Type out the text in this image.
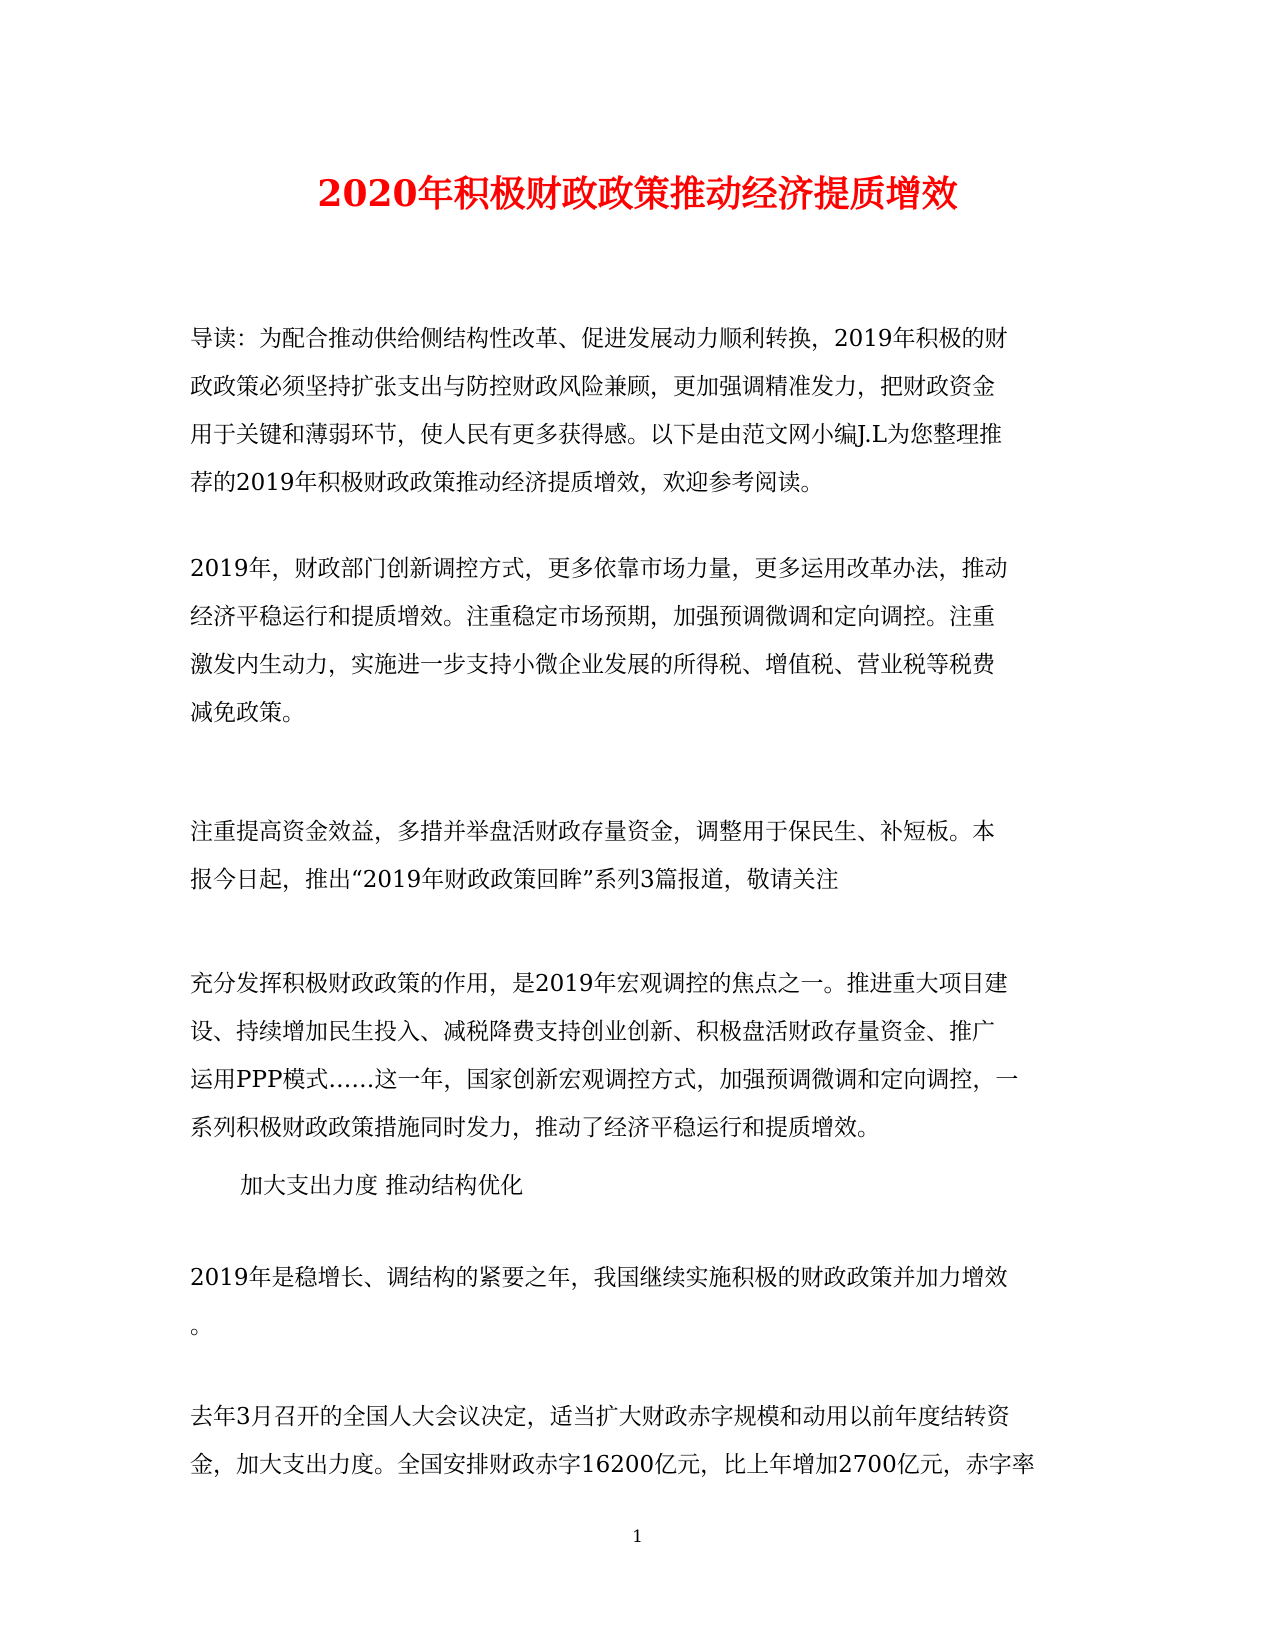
2020年积极财政政策推动经济提质增效
导读：为配合推动供给侧结构性改革、促进发展动力顺利转换，2019年积极的财
政政策必须坚持扩张支出与防控财政风险兼顾，更加强调精准发力，把财政资金
用于关键和薄弱环节，使人民有更多获得感。以下是由范文网小编J.L为您整理推
荐的2019年积极财政政策推动经济提质增效，欢迎参考阅读。
2019年，财政部门创新调控方式，更多依靠市场力量，更多运用改革办法，推动
经济平稳运行和提质增效。注重稳定市场预期，加强预调微调和定向调控。注重
激发内生动力，实施进一步支持小微企业发展的所得税、增值税、营业税等税费
减免政策。
注重提高资金效益，多措并举盘活财政存量资金，调整用于保民生、补短板。本
报今日起，推出“2019年财政政策回眸”系列3篇报道，敬请关注
充分发挥积极财政政策的作用，是2019年宏观调控的焦点之一。推进重大项目建
设、持续增加民生投入、减税降费支持创业创新、积极盘活财政存量资金、推广
运用PPP模式……这一年，国家创新宏观调控方式，加强预调微调和定向调控，一
系列积极财政政策措施同时发力，推动了经济平稳运行和提质增效。
加大支出力度 推动结构优化
2019年是稳增长、调结构的紧要之年，我国继续实施积极的财政政策并加力增效
。
去年3月召开的全国人大会议决定，适当扩大财政赤字规模和动用以前年度结转资
金，加大支出力度。全国安排财政赤字16200亿元，比上年增加2700亿元，赤字率
1
